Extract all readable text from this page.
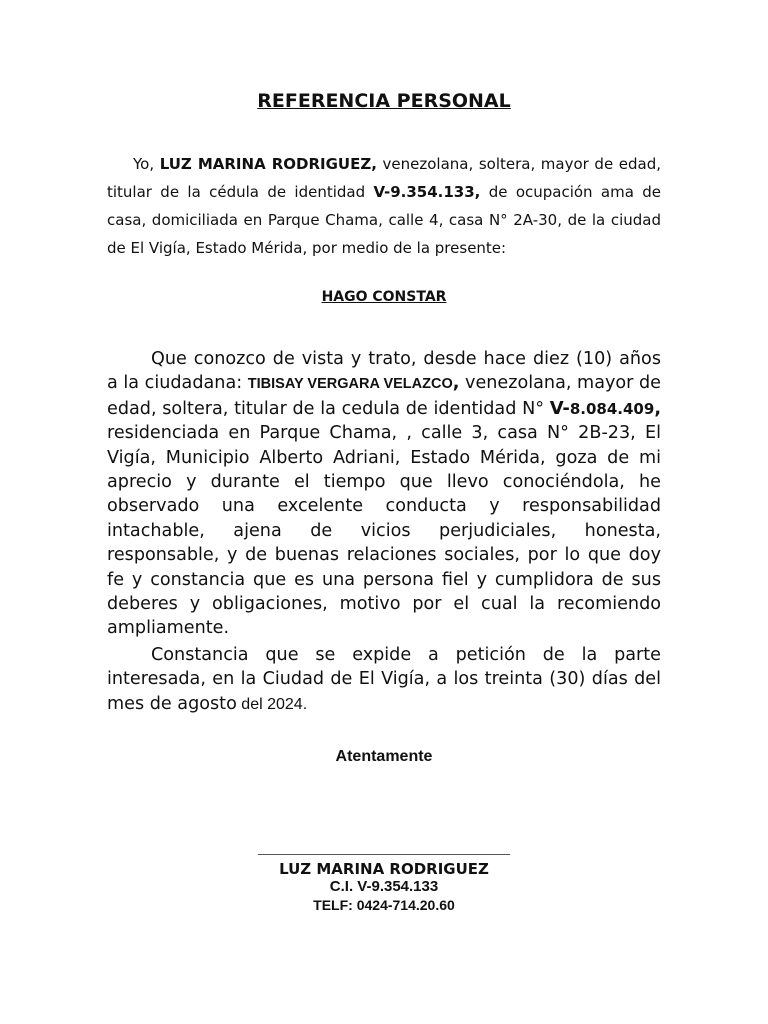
REFERENCIA PERSONAL
Yo, LUZ MARINA RODRIGUEZ, venezolana, soltera, mayor de edad, titular de la cédula de identidad V-9.354.133, de ocupación ama de casa, domiciliada en Parque Chama, calle 4, casa N° 2A-30, de la ciudad de El Vigía, Estado Mérida, por medio de la presente:
HAGO CONSTAR
Que conozco de vista y trato, desde hace diez (10) años a la ciudadana: TIBISAY VERGARA VELAZCO, venezolana, mayor de edad, soltera, titular de la cedula de identidad N° V-8.084.409, residenciada en Parque Chama, , calle 3, casa N° 2B-23, El Vigía, Municipio Alberto Adriani, Estado Mérida, goza de mi aprecio y durante el tiempo que llevo conociéndola, he observado una excelente conducta y responsabilidad intachable, ajena de vicios perjudiciales, honesta, responsable, y de buenas relaciones sociales, por lo que doy fe y constancia que es una persona fiel y cumplidora de sus deberes y obligaciones, motivo por el cual la recomiendo ampliamente.
Constancia que se expide a petición de la parte interesada, en la Ciudad de El Vigía, a los treinta (30) días del mes de agosto del 2024.
Atentamente
LUZ MARINA RODRIGUEZ
C.I. V-9.354.133
TELF: 0424-714.20.60
